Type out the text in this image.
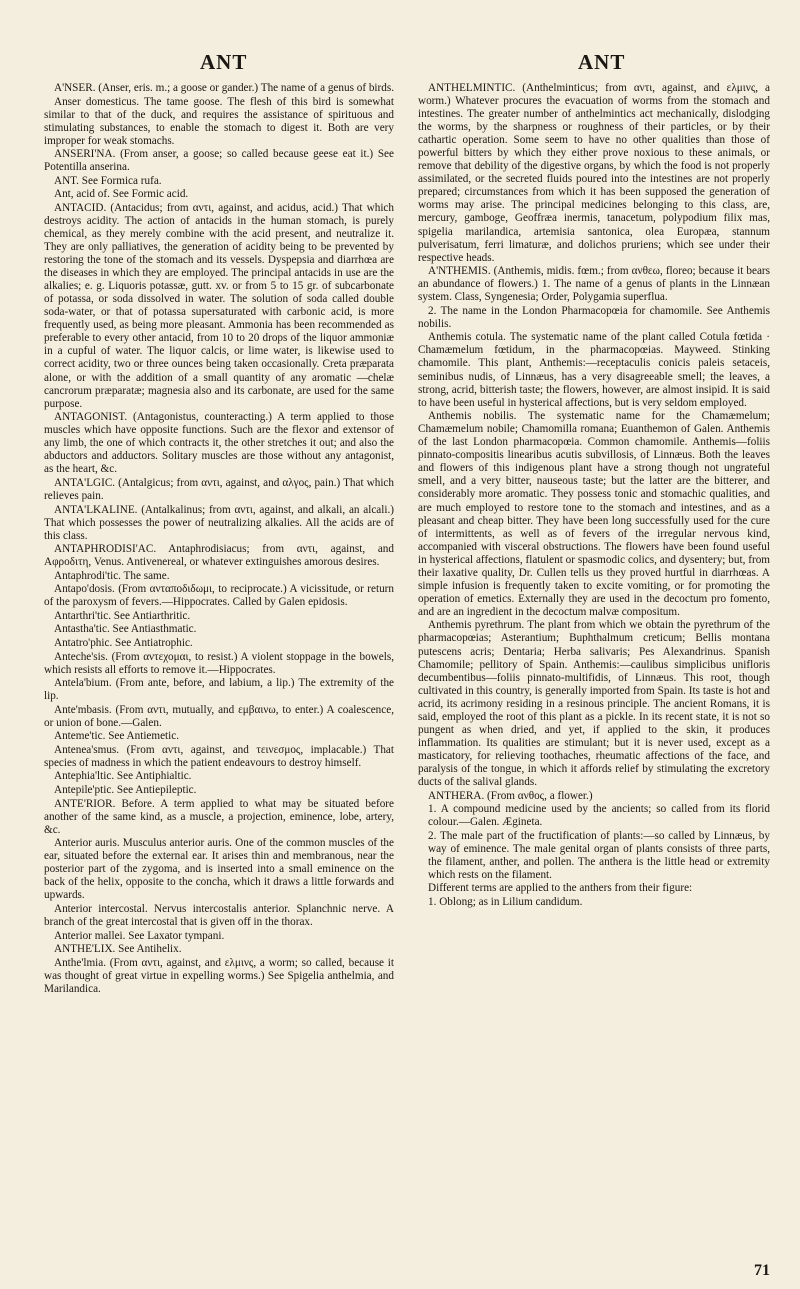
ANT	ANT

A'NSER. (Anser, eris. m.; a goose or gander.) The name of a genus of birds.

Anser domesticus. The tame goose. The flesh of this bird is somewhat similar to that of the duck, and requires the assistance of spirituous and stimulating substances, to enable the stomach to digest it. Both are very improper for weak stomachs.

ANSERI'NA. (From anser, a goose; so called because geese eat it.) See Potentilla anserina.

ANT. See Formica rufa.

Ant, acid of. See Formic acid.

ANTACID. (Antacidus; from αντι, against, and acidus, acid.) That which destroys acidity. The action of antacids in the human stomach, is purely chemical, as they merely combine with the acid present, and neutralize it. They are only palliatives, the generation of acidity being to be prevented by restoring the tone of the stomach and its vessels. Dyspepsia and diarrhœa are the diseases in which they are employed. The principal antacids in use are the alkalies; e. g. Liquoris potassæ, gutt. xv. or from 5 to 15 gr. of subcarbonate of potassa, or soda dissolved in water. The solution of soda called double soda-water, or that of potassa supersaturated with carbonic acid, is more frequently used, as being more pleasant. Ammonia has been recommended as preferable to every other antacid, from 10 to 20 drops of the liquor ammoniæ in a cupful of water. The liquor calcis, or lime water, is likewise used to correct acidity, two or three ounces being taken occasionally. Creta præparata alone, or with the addition of a small quantity of any aromatic —chelæ cancrorum præparatæ; magnesia also and its carbonate, are used for the same purpose.

ANTAGONIST. (Antagonistus, counteracting.) A term applied to those muscles which have opposite functions. Such are the flexor and extensor of any limb, the one of which contracts it, the other stretches it out; and also the abductors and adductors. Solitary muscles are those without any antagonist, as the heart, &c.

ANTA'LGIC. (Antalgicus; from αντι, against, and αλγος, pain.) That which relieves pain.

ANTA'LKALINE. (Antalkalinus; from αντι, against, and alkali, an alcali.) That which possesses the power of neutralizing alkalies. All the acids are of this class.

ANTAPHRODISI'AC. Antaphrodisiacus; from αντι, against, and Αφροδιτη, Venus. Antivenereal, or whatever extinguishes amorous desires.

Antaphrodi'tic. The same.

Antapo'dosis. (From ανταποδιδωμι, to reciprocate.) A vicissitude, or return of the paroxysm of fevers.—Hippocrates. Called by Galen epidosis.

Antarthri'tic. See Antiarthritic.

Antastha'tic. See Antiasthmatic.

Antatro'phic. See Antiatrophic.

Anteche'sis. (From αντεχομαι, to resist.) A violent stoppage in the bowels, which resists all efforts to remove it.—Hippocrates.

Antela'bium. (From ante, before, and labium, a lip.) The extremity of the lip.

Ante'mbasis. (From αντι, mutually, and εμβαινω, to enter.) A coalescence, or union of bone.—Galen.

Anteme'tic. See Antiemetic.

Antenea'smus. (From αντι, against, and τεινεσμος, implacable.) That species of madness in which the patient endeavours to destroy himself.

Antephia'ltic. See Antiphialtic.

Antepile'ptic. See Antiepileptic.

ANTE'RIOR. Before. A term applied to what may be situated before another of the same kind, as a muscle, a projection, eminence, lobe, artery, &c.

Anterior auris. Musculus anterior auris. One of the common muscles of the ear, situated before the external ear. It arises thin and membranous, near the posterior part of the zygoma, and is inserted into a small eminence on the back of the helix, opposite to the concha, which it draws a little forwards and upwards.

Anterior intercostal. Nervus intercostalis anterior. Splanchnic nerve. A branch of the great intercostal that is given off in the thorax.

Anterior mallei. See Laxator tympani.

ANTHE'LIX. See Antihelix.

Anthe'lmia. (From αντι, against, and ελμινς, a worm; so called, because it was thought of great virtue in expelling worms.) See Spigelia anthelmia, and Marilandica.

ANTHELMINTIC. (Anthelminticus; from αντι, against, and ελμινς, a worm.) Whatever procures the evacuation of worms from the stomach and intestines. The greater number of anthelmintics act mechanically, dislodging the worms, by the sharpness or roughness of their particles, or by their cathartic operation. Some seem to have no other qualities than those of powerful bitters by which they either prove noxious to these animals, or remove that debility of the digestive organs, by which the food is not properly assimilated, or the secreted fluids poured into the intestines are not properly prepared; circumstances from which it has been supposed the generation of worms may arise. The principal medicines belonging to this class, are, mercury, gamboge, Geoffræa inermis, tanacetum, polypodium filix mas, spigelia marilandica, artemisia santonica, olea Europæa, stannum pulverisatum, ferri limaturæ, and dolichos pruriens; which see under their respective heads.

A'NTHEMIS. (Anthemis, midis. fœm.; from ανθεω, floreo; because it bears an abundance of flowers.) 1. The name of a genus of plants in the Linnæan system. Class, Syngenesia; Order, Polygamia superflua.

2. The name in the London Pharmacopœia for chamomile. See Anthemis nobilis.

Anthemis cotula. The systematic name of the plant called Cotula fœtida · Chamæmelum fœtidum, in the pharmacopœias. Mayweed. Stinking chamomile. This plant, Anthemis:—receptaculis conicis paleis setaceis, seminibus nudis, of Linnæus, has a very disagreeable smell; the leaves, a strong, acrid, bitterish taste; the flowers, however, are almost insipid. It is said to have been useful in hysterical affections, but is very seldom employed.

Anthemis nobilis. The systematic name for the Chamæmelum; Chamæmelum nobile; Chamomilla romana; Euanthemon of Galen. Anthemis of the last London pharmacopœia. Common chamomile. Anthemis—foliis pinnato-compositis linearibus acutis subvillosis, of Linnæus. Both the leaves and flowers of this indigenous plant have a strong though not ungrateful smell, and a very bitter, nauseous taste; but the latter are the bitterer, and considerably more aromatic. They possess tonic and stomachic qualities, and are much employed to restore tone to the stomach and intestines, and as a pleasant and cheap bitter. They have been long successfully used for the cure of intermittents, as well as of fevers of the irregular nervous kind, accompanied with visceral obstructions. The flowers have been found useful in hysterical affections, flatulent or spasmodic colics, and dysentery; but, from their laxative quality, Dr. Cullen tells us they proved hurtful in diarrhœas. A simple infusion is frequently taken to excite vomiting, or for promoting the operation of emetics. Externally they are used in the decoctum pro fomento, and are an ingredient in the decoctum malvæ compositum.

Anthemis pyrethrum. The plant from which we obtain the pyrethrum of the pharmacopœias; Asterantium; Buphthalmum creticum; Bellis montana putescens acris; Dentaria; Herba salivaris; Pes Alexandrinus. Spanish Chamomile; pellitory of Spain. Anthemis:—caulibus simplicibus unifloris decumbentibus—foliis pinnato-multifidis, of Linnæus. This root, though cultivated in this country, is generally imported from Spain. Its taste is hot and acrid, its acrimony residing in a resinous principle. The ancient Romans, it is said, employed the root of this plant as a pickle. In its recent state, it is not so pungent as when dried, and yet, if applied to the skin, it produces inflammation. Its qualities are stimulant; but it is never used, except as a masticatory, for relieving toothaches, rheumatic affections of the face, and paralysis of the tongue, in which it affords relief by stimulating the excretory ducts of the salival glands.

ANTHERA. (From ανθος, a flower.)

1. A compound medicine used by the ancients; so called from its florid colour.—Galen. Ægineta.

2. The male part of the fructification of plants:—so called by Linnæus, by way of eminence. The male genital organ of plants consists of three parts, the filament, anther, and pollen. The anthera is the little head or extremity which rests on the filament.

Different terms are applied to the anthers from their figure:

1. Oblong; as in Lilium candidum.

71
